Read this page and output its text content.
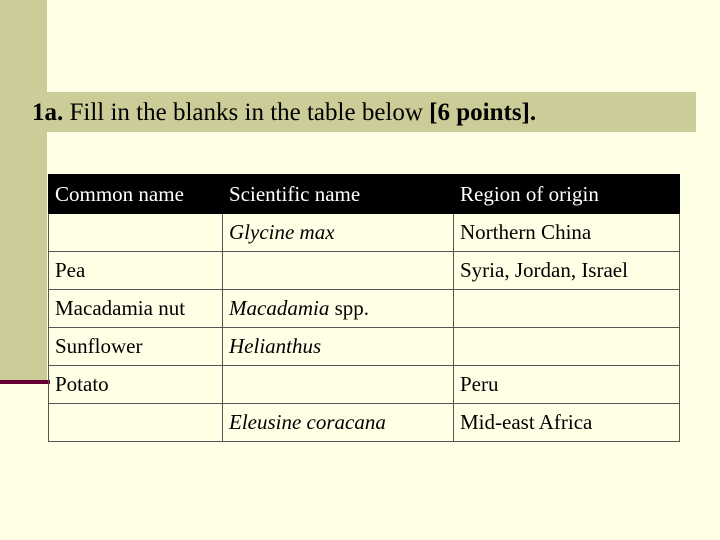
1a. Fill in the blanks in the table below [6 points].
Common name	Scientific name	Region of origin
	Glycine max	Northern China
Pea		Syria, Jordan, Israel
Macadamia nut	Macadamia spp.	
Sunflower	Helianthus	
Potato		Peru
	Eleusine coracana	Mid-east Africa
